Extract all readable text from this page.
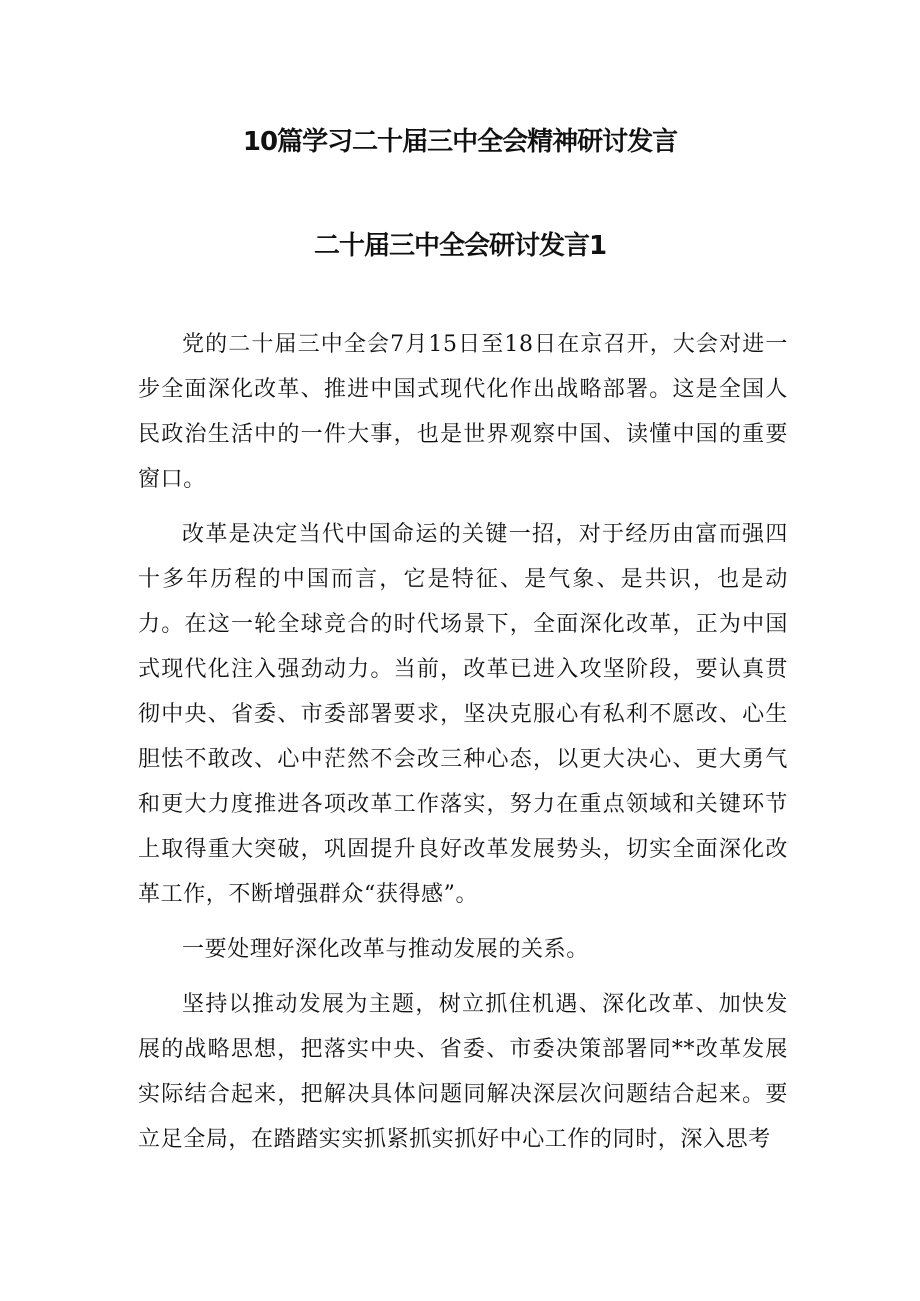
10篇学习二十届三中全会精神研讨发言
二十届三中全会研讨发言1

党的二十届三中全会7月15日至18日在京召开，大会对进一步全面深化改革、推进中国式现代化作出战略部署。这是全国人民政治生活中的一件大事，也是世界观察中国、读懂中国的重要窗口。

改革是决定当代中国命运的关键一招，对于经历由富而强四十多年历程的中国而言，它是特征、是气象、是共识，也是动力。在这一轮全球竞合的时代场景下，全面深化改革，正为中国式现代化注入强劲动力。当前，改革已进入攻坚阶段，要认真贯彻中央、省委、市委部署要求，坚决克服心有私利不愿改、心生胆怯不敢改、心中茫然不会改三种心态，以更大决心、更大勇气和更大力度推进各项改革工作落实，努力在重点领域和关键环节上取得重大突破，巩固提升良好改革发展势头，切实全面深化改革工作，不断增强群众“获得感”。

一要处理好深化改革与推动发展的关系。

坚持以推动发展为主题，树立抓住机遇、深化改革、加快发展的战略思想，把落实中央、省委、市委决策部署同**改革发展实际结合起来，把解决具体问题同解决深层次问题结合起来。要立足全局，在踏踏实实抓紧抓实抓好中心工作的同时，深入思考
